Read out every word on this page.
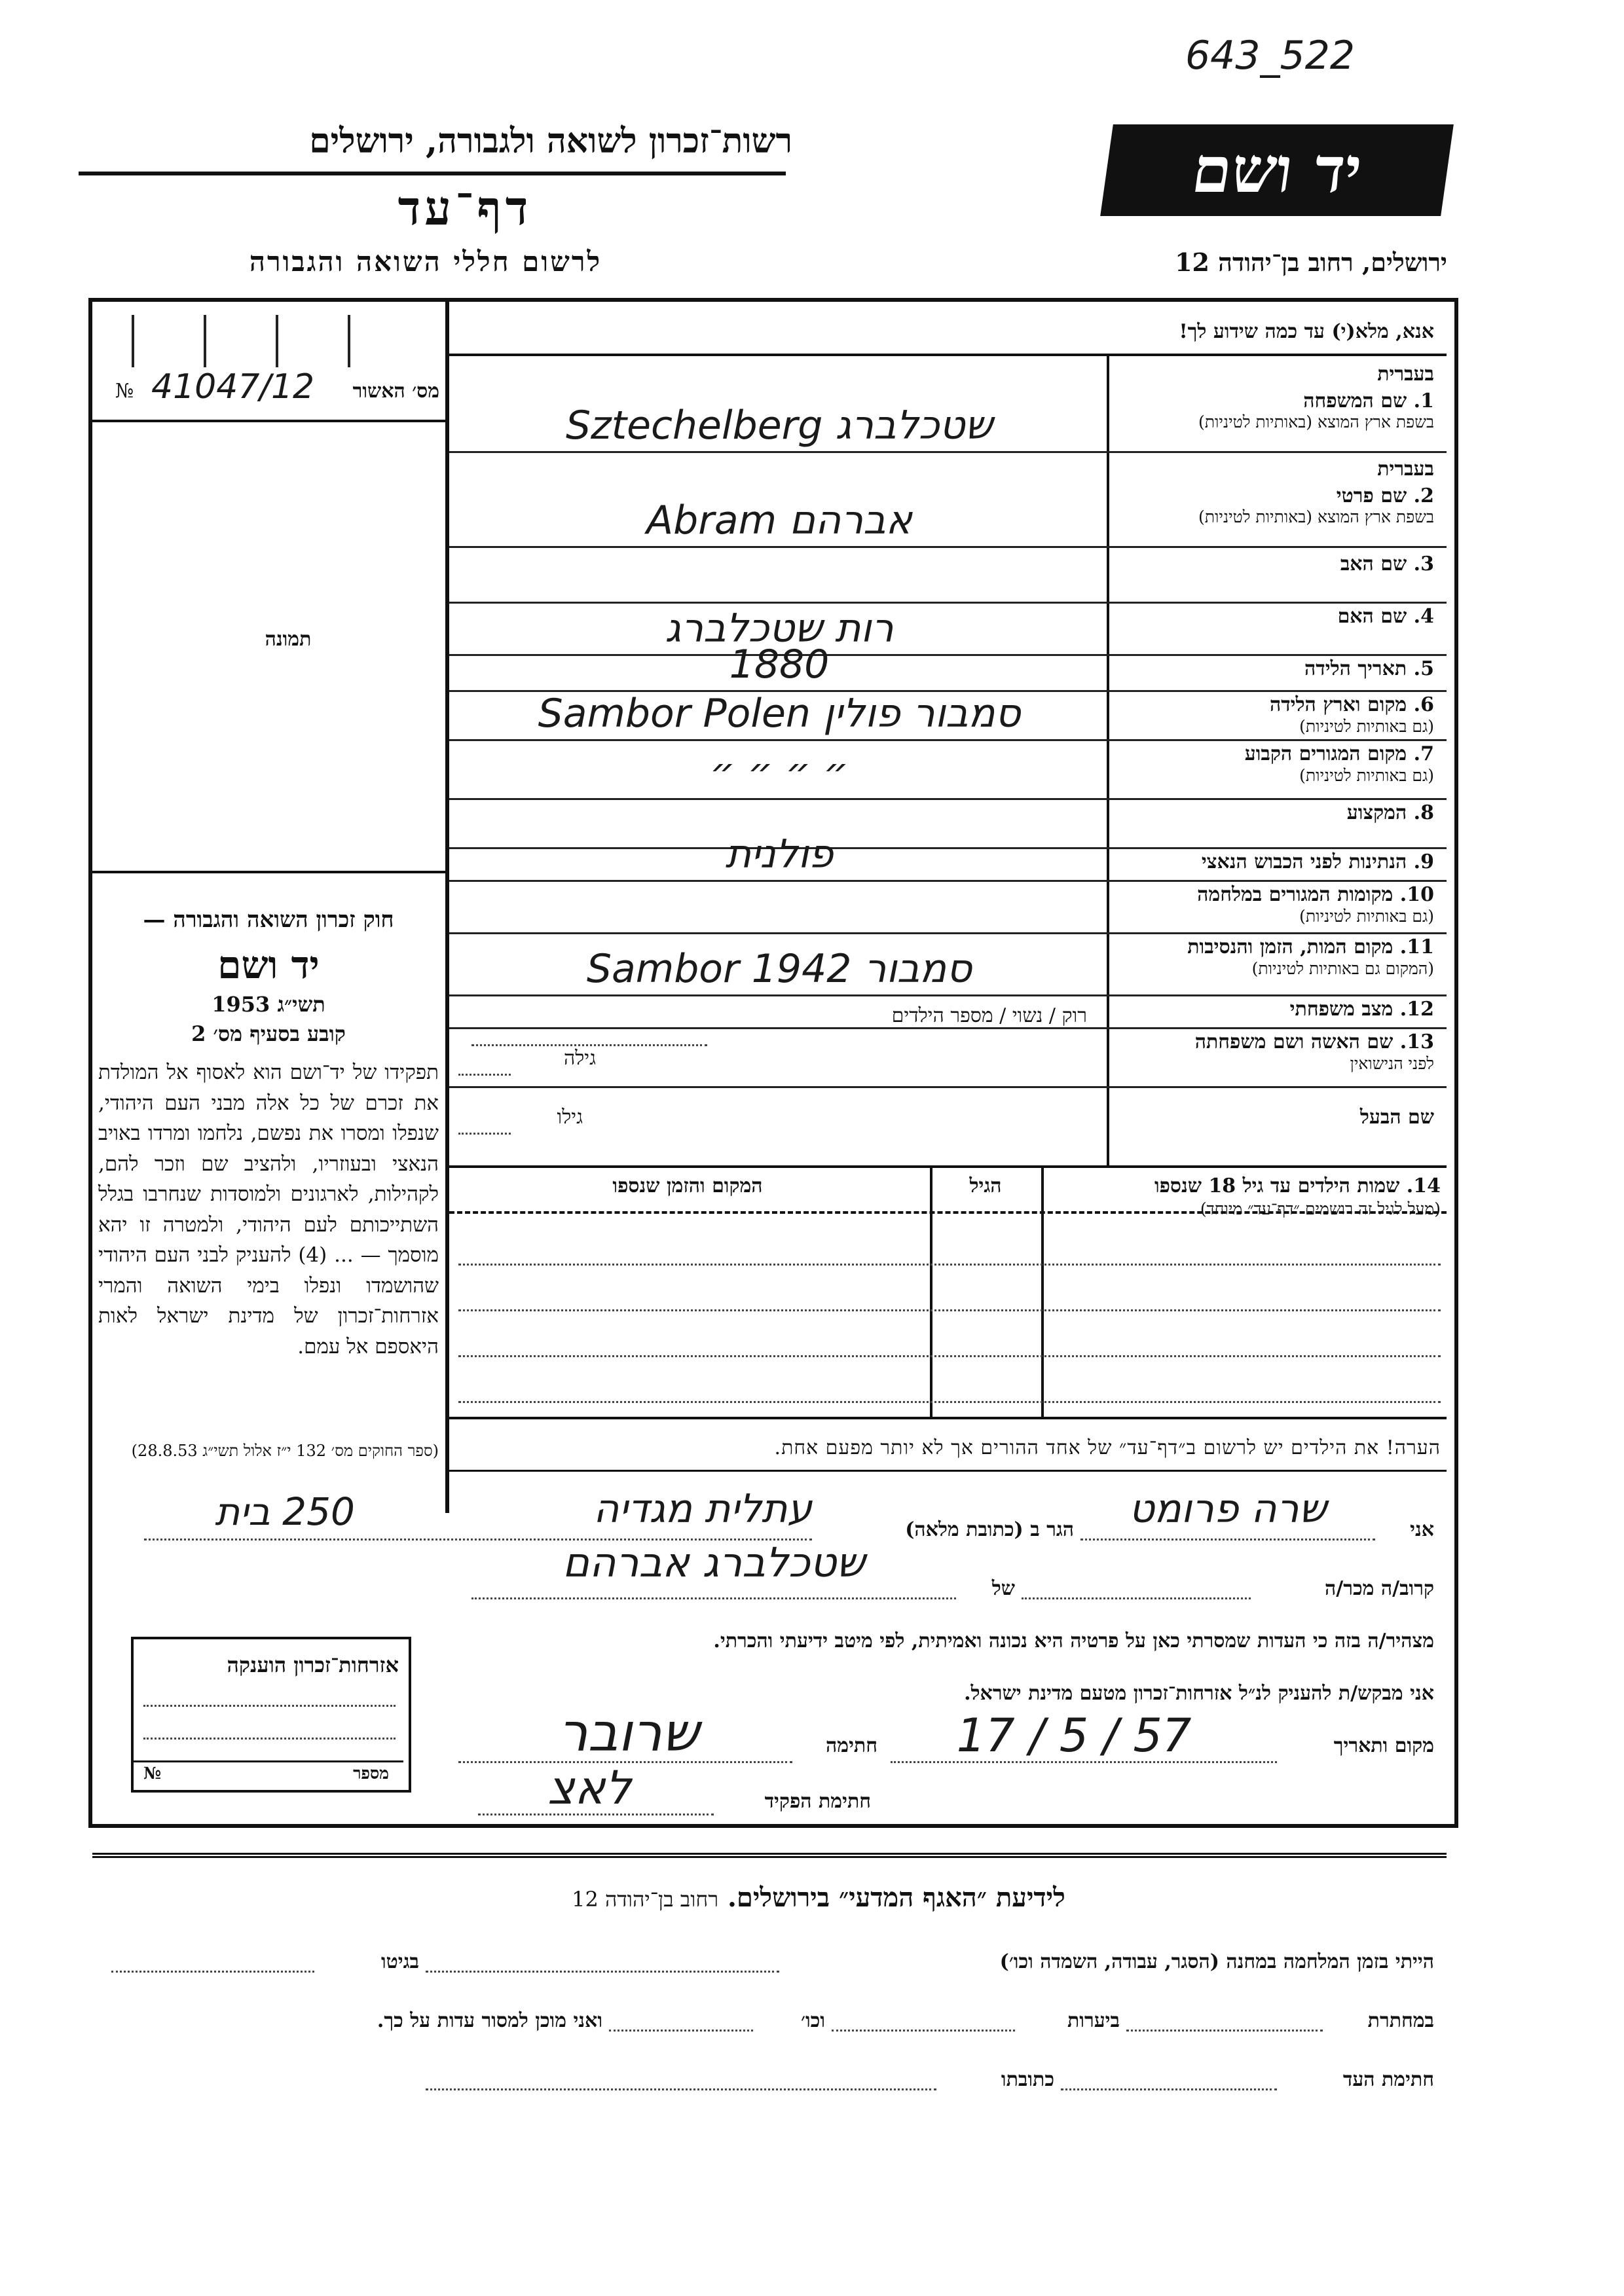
643_522
רשות־זכרון לשואה ולגבורה, ירושלים
דף־עד
לרשום חללי השואה והגבורה
יד ושם
ירושלים, רחוב בן־יהודה 12
אנא, מלא(י) עד כמה שידוע לך!
№ 41047/12	מס׳ האשור
תמונה
חוק זכרון השואה והגבורה —
יד ושם
תשי״ג 1953
קובע בסעיף מס׳ 2
תפקידו של יד־ושם הוא לאסוף אל המולדת את זכרם של כל אלה מבני העם היהודי, שנפלו ומסרו את נפשם, נלחמו ומרדו באויב הנאצי ובעוזריו, ולהציב שם וזכר להם, לקהילות, לארגונים ולמוסדות שנחרבו בגלל השתייכותם לעם היהודי, ולמטרה זו יהא מוסמך — ... (4) להעניק לבני העם היהודי שהושמדו ונפלו בימי השואה והמרי אזרחות־זכרון של מדינת ישראל לאות היאספם אל עמם.
(ספר החוקים מס׳ 132 י״ז אלול תשי״ג 28.8.53)
בעברית
1. שם המשפחה
בשפת ארץ המוצא (באותיות לטיניות)
Sztechelberg שטכלברג
בעברית
2. שם פרטי
בשפת ארץ המוצא (באותיות לטיניות)
Abram אברהם
3. שם האב
4. שם האם
רות שטכלברג
5. תאריך הלידה
1880
6. מקום וארץ הלידה
(גם באותיות לטיניות)
Sambor Polen סמבור פולין
7. מקום המגורים הקבוע
(גם באותיות לטיניות)
״ ״ ״ ״
8. המקצוע
9. הנתינות לפני הכבוש הנאצי
פולנית
10. מקומות המגורים במלחמה
(גם באותיות לטיניות)
11. מקום המות, הזמן והנסיבות
(המקום גם באותיות לטיניות)
Sambor 1942 סמבור
12. מצב משפחתי
13. שם האשה ושם משפחתה
לפני הנישואין
רוק / נשוי / מספר הילדים
גילה
שם הבעל
גילו
14. שמות הילדים עד גיל 18 שנספו
(מעל לגיל זה רושמים ״דף־עד״ מיוחד)
הגיל
המקום והזמן שנספו
הערה! את הילדים יש לרשום ב״דף־עד״ של אחד ההורים אך לא יותר מפעם אחת.
אני
שרה פרומט
הגר ב (כתובת מלאה)
עתלית מגדיה
250 בית
קרוב/ה מכר/ה
של
שטכלברג אברהם
מצהיר/ה בזה כי העדות שמסרתי כאן על פרטיה היא נכונה ואמיתית, לפי מיטב ידיעתי והכרתי.
אני מבקש/ת להעניק לנ״ל אזרחות־זכרון מטעם מדינת ישראל.
מקום ותאריך
17 / 5 / 57
חתימה
שרובר
חתימת הפקיד
לאצ
אזרחות־זכרון הוענקה
מספר
№
לידיעת ״האגף המדעי״ בירושלים. רחוב בן־יהודה 12
הייתי בזמן המלחמה במחנה (הסגר, עבודה, השמדה וכו׳)
בגיטו
במחתרת
ביערות
וכו׳
ואני מוכן למסור עדות על כך.
חתימת העד
כתובתו
